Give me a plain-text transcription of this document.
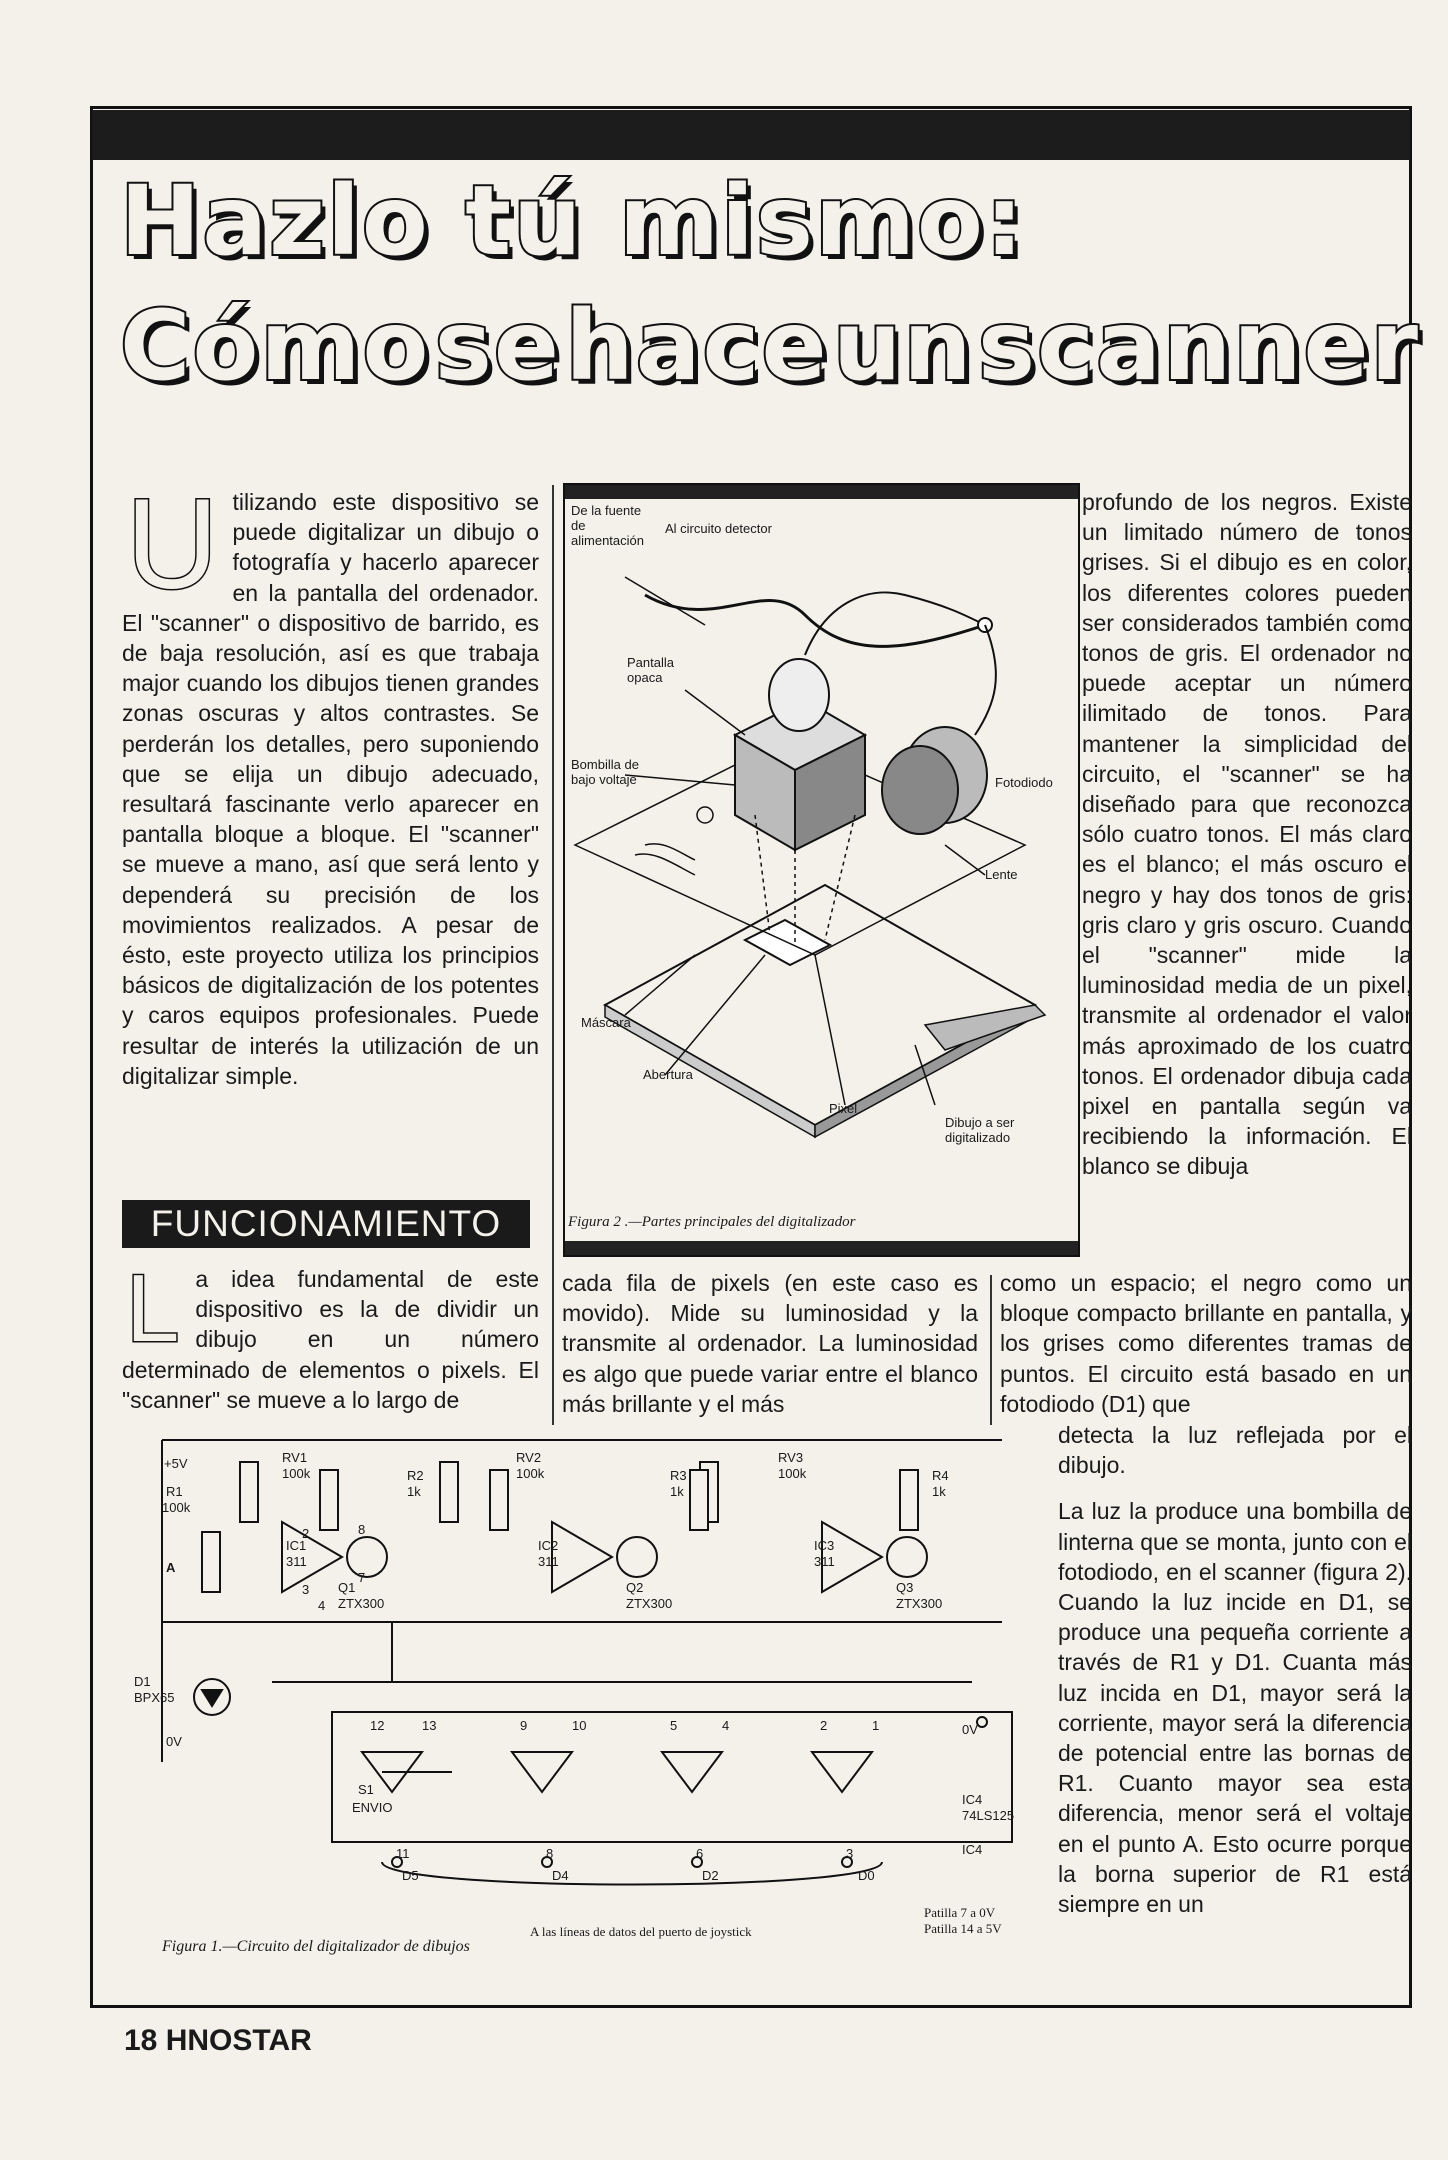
Hazlo tú mismo:
Cómo se hace un scanner
U tilizando este dispositivo se puede digitalizar un dibujo o fotografía y hacerlo aparecer en la pantalla del ordenador. El "scanner" o dispositivo de barrido, es de baja resolución, así es que trabaja major cuando los dibujos tienen grandes zonas oscuras y altos contrastes. Se perderán los detalles, pero suponiendo que se elija un dibujo adecuado, resultará fascinante verlo aparecer en pantalla bloque a bloque. El "scanner" se mueve a mano, así que será lento y dependerá su precisión de los movimientos realizados. A pesar de ésto, este proyecto utiliza los principios básicos de digitalización de los potentes y caros equipos profesionales. Puede resultar de interés la utilización de un digitalizar simple.

FUNCIONAMIENTO
L a idea fundamental de este dispositivo es la de dividir un dibujo en un número determinado de elementos o pixels. El "scanner" se mueve a lo largo de

De la fuente de alimentación
Al circuito detector
Pantalla opaca
Bombilla de bajo voltaje	Fotodiodo
Lente
Máscara
Abertura
Pixel
Dibujo a ser digitalizado
Figura 2 .—Partes principales del digitalizador

cada fila de pixels (en este caso es movido). Mide su luminosidad y la transmite al ordenador. La luminosidad es algo que puede variar entre el blanco más brillante y el más

profundo de los negros. Existe un limitado número de tonos grises. Si el dibujo es en color, los diferentes colores pueden ser considerados también como tonos de gris. El ordenador no puede aceptar un número ilimitado de tonos. Para mantener la simplicidad del circuito, el "scanner" se ha diseñado para que reconozca sólo cuatro tonos. El más claro es el blanco; el más oscuro el negro y hay dos tonos de gris: gris claro y gris oscuro. Cuando el "scanner" mide la luminosidad media de un pixel, transmite al ordenador el valor más aproximado de los cuatro tonos. El ordenador dibuja cada pixel en pantalla según va recibiendo la información. El blanco se dibuja

como un espacio; el negro como un bloque compacto brillante en pantalla, y los grises como diferentes tramas de puntos. El circuito está basado en un fotodiodo (D1) que

detecta la luz reflejada por el dibujo.

La luz la produce una bombilla de linterna que se monta, junto con el fotodiodo, en el scanner (figura 2). Cuando la luz incide en D1, se produce una pequeña corriente a través de R1 y D1. Cuanta más luz incida en D1, mayor será la corriente, mayor será la diferencia de potencial entre las bornas de R1. Cuanto mayor sea esta diferencia, menor será el voltaje en el punto A. Esto ocurre porque la borna superior de R1 está siempre en un

+5V
R1
100k
A
D1
BPX65
0V
RV1
100k	R2
1k
IC1
311
Q1
ZTX300
RV2
100k	R3
1k
IC2
311
Q2
ZTX300
RV3
100k	R4
1k
IC3
311
Q3
ZTX300
S1
ENVIO
IC4
74LS125
0V
D5	D4	D2	D0
IC4
2
3
8
4
7
12	13	9	10	5	4	2	1
11	8	6	3
A las líneas de datos del puerto de joystick
Patilla 7 a 0V
Patilla 14 a 5V
Figura 1.—Circuito del digitalizador de dibujos
18 HNOSTAR
